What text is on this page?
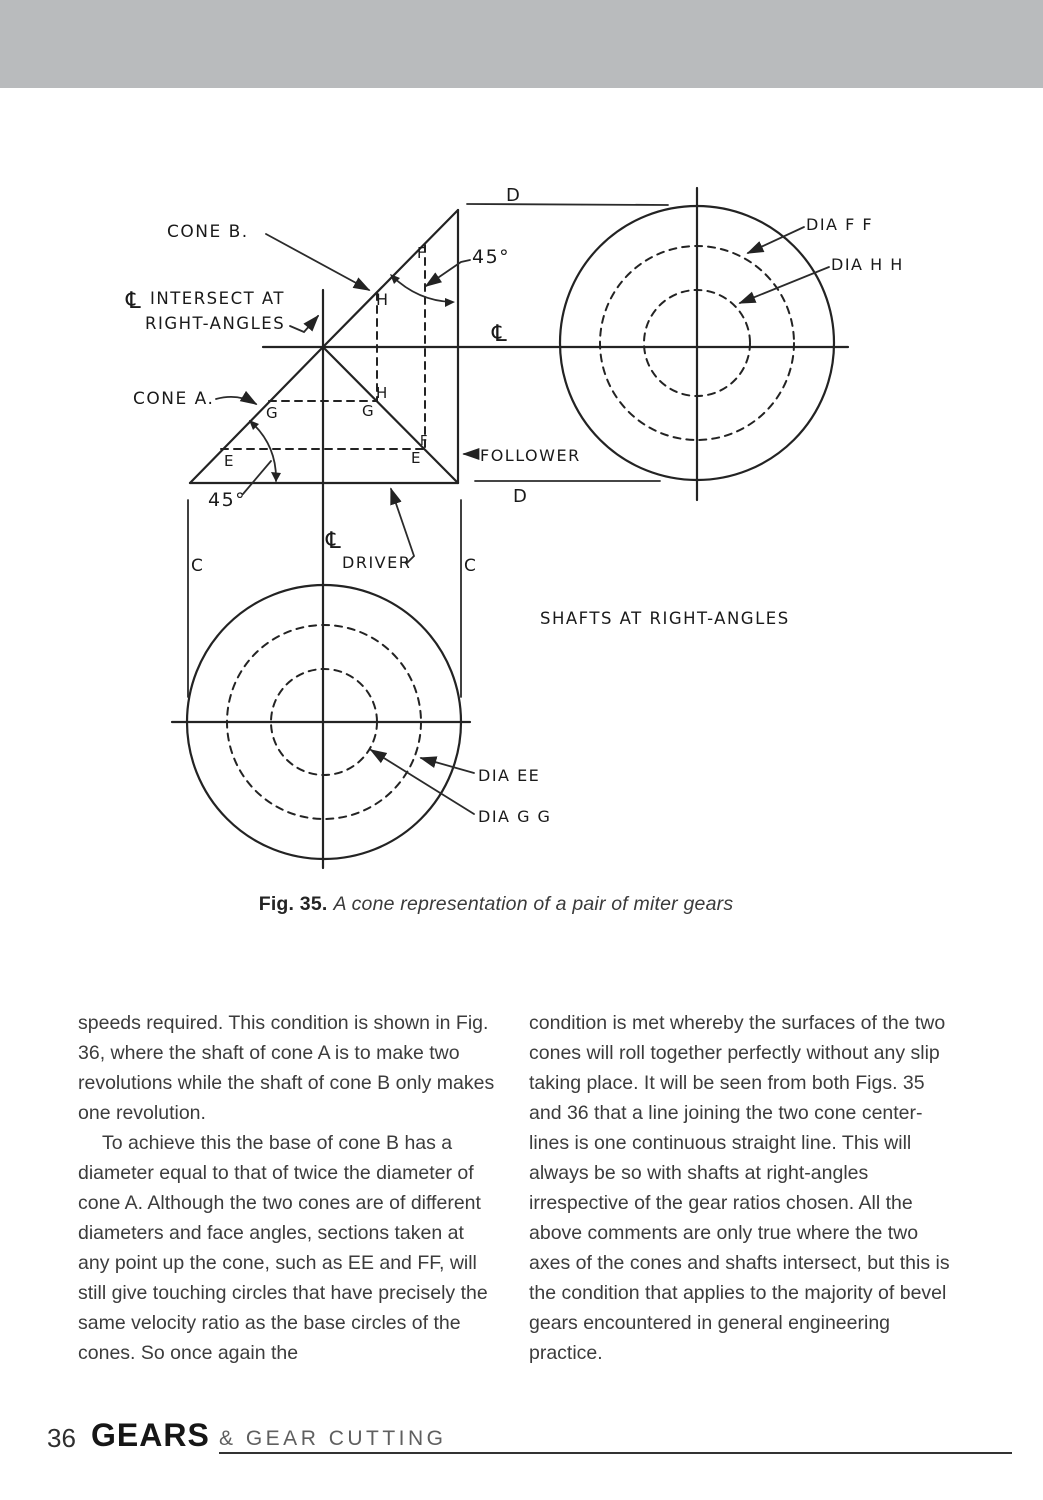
CONE B.
℄ INTERSECT AT
RIGHT-ANGLES
CONE A.
D
D
45°
45°
℄
℄
DIA F F
DIA H H
FOLLOWER
DRIVER
C	C
SHAFTS AT RIGHT-ANGLES
DIA EE
DIA G G
F
H
H
G	G
E	E
F
Fig. 35. A cone representation of a pair of miter gears

speeds required. This condition is shown in Fig. 36, where the shaft of cone A is to make two revolutions while the shaft of cone B only makes one revolution.

To achieve this the base of cone B has a diameter equal to that of twice the diameter of cone A. Although the two cones are of different diameters and face angles, sections taken at any point up the cone, such as EE and FF, will still give touching circles that have precisely the same velocity ratio as the base circles of the cones. So once again the

condition is met whereby the surfaces of the two cones will roll together perfectly without any slip taking place. It will be seen from both Figs. 35 and 36 that a line joining the two cone center-lines is one continuous straight line. This will always be so with shafts at right-angles irrespective of the gear ratios chosen. All the above comments are only true where the two axes of the cones and shafts intersect, but this is the condition that applies to the majority of bevel gears encountered in general engineering practice.

36 GEARS & GEAR CUTTING
